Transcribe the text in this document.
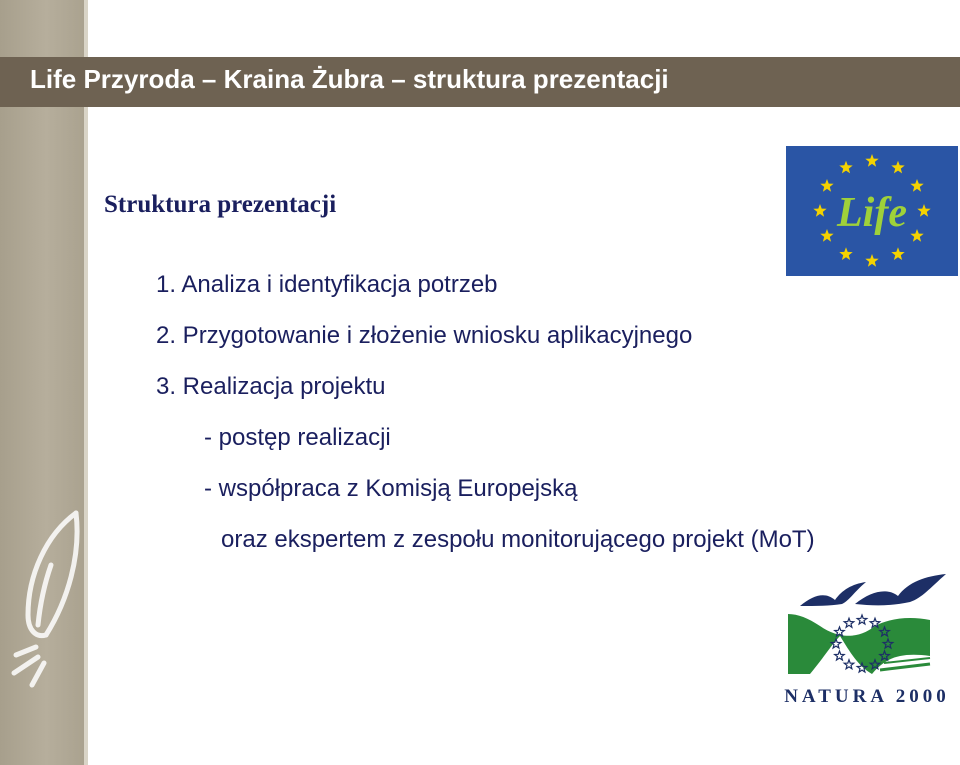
Life Przyroda – Kraina Żubra – struktura prezentacji
Life
Struktura prezentacji
1. Analiza i identyfikacja potrzeb
2. Przygotowanie i złożenie wniosku aplikacyjnego
3. Realizacja projektu
- postęp realizacji
- współpraca z Komisją Europejską
oraz ekspertem z zespołu monitorującego projekt (MoT)
NATURA 2000
